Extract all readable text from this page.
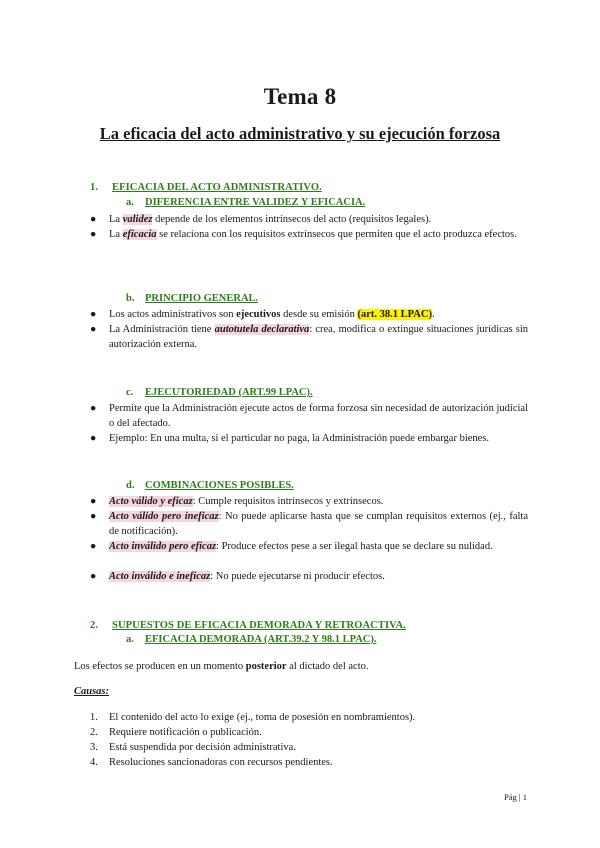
Tema 8
La eficacia del acto administrativo y su ejecución forzosa
1. EFICACIA DEL ACTO ADMINISTRATIVO.
a. DIFERENCIA ENTRE VALIDEZ Y EFICACIA.
●	La validez depende de los elementos intrínsecos del acto (requisitos legales).
●	La eficacia se relaciona con los requisitos extrínsecos que permiten que el acto produzca efectos.
b. PRINCIPIO GENERAL.
●	Los actos administrativos son ejecutivos desde su emisión (art. 38.1 LPAC).
●	La Administración tiene autotutela declarativa: crea, modifica o extingue situaciones jurídicas sin autorización externa.
c. EJECUTORIEDAD (ART.99 LPAC).
●	Permite que la Administración ejecute actos de forma forzosa sin necesidad de autorización judicial o del afectado.
●	Ejemplo: En una multa, si el particular no paga, la Administración puede embargar bienes.
d. COMBINACIONES POSIBLES.
●	Acto válido y eficaz: Cumple requisitos intrínsecos y extrínsecos.
●	Acto válido pero ineficaz: No puede aplicarse hasta que se cumplan requisitos externos (ej., falta de notificación).
●	Acto inválido pero eficaz: Produce efectos pese a ser ilegal hasta que se declare su nulidad.
●	Acto inválido e ineficaz: No puede ejecutarse ni producir efectos.
2. SUPUESTOS DE EFICACIA DEMORADA Y RETROACTIVA.
a. EFICACIA DEMORADA (ART.39.2 Y 98.1 LPAC).
Los efectos se producen en un momento posterior al dictado del acto.
Causas:
1. El contenido del acto lo exige (ej., toma de posesión en nombramientos).
2. Requiere notificación o publicación.
3. Está suspendida por decisión administrativa.
4. Resoluciones sancionadoras con recursos pendientes.
Pág | 1
